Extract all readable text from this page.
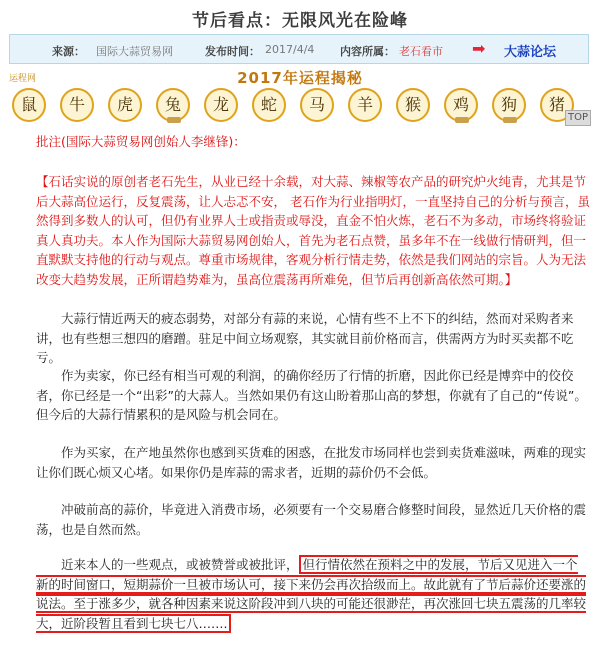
节后看点：无限风光在险峰
来源： 国际大蒜贸易网	发布时间： 2017/4/4 内容所属： 老石看市 ➡ 大蒜论坛
运程网	2017年运程揭秘
鼠	牛	虎	兔	龙	蛇	马	羊	猴	鸡	狗	猪
TOP

批注(国际大蒜贸易网创始人李继锋)：

【石话实说的原创者老石先生，从业已经十余载，对大蒜、辣椒等农产品的研究炉火纯青，尤其是节后大蒜高位运行，反复震荡，让人忐忑不安， 老石作为行业指明灯，一直坚持自己的分析与预言，虽然得到多数人的认可，但仍有业界人士或指责或辱没，直金不怕火炼，老石不为多动，市场终将验证真人真功夫。本人作为国际大蒜贸易网创始人，首先为老石点赞，虽多年不在一线做行情研判，但一直默默支持他的行动与观点。尊重市场规律，客观分析行情走势，依然是我们网站的宗旨。人为无法改变大趋势发展，正所谓趋势难为，虽高位震荡再所难免，但节后再创新高依然可期。】

大蒜行情近两天的疲态弱势，对部分有蒜的来说，心情有些不上不下的纠结，然而对采购者来讲，也有些想三想四的磨蹭。驻足中间立场观察，其实就目前价格而言，供需两方为时买卖都不吃亏。

作为卖家，你已经有相当可观的利润，的确你经历了行情的折磨，因此你已经是博弈中的佼佼者，你已经是一个“出彩”的大蒜人。当然如果仍有这山盼着那山高的梦想，你就有了自己的“传说”。但今后的大蒜行情累积的是风险与机会同在。

作为买家，在产地虽然你也感到买货难的困惑，在批发市场同样也尝到卖货难滋味，两难的现实让你们既心烦又心堵。如果你仍是库蒜的需求者，近期的蒜价仍不会低。

冲破前高的蒜价，毕竟进入消费市场，必须要有一个交易磨合修整时间段，显然近几天价格的震荡，也是自然而然。

近来本人的一些观点，或被赞誉或被批评， 但行情依然在预料之中的发展，节后又见进入一个新的时间窗口，短期蒜价一旦被市场认可，接下来仍会再次拾级而上。故此就有了节后蒜价还要涨的说法。至于涨多少，就各种因素来说这阶段冲到八块的可能还很渺茫，再次涨回七块五震荡的几率较大，近阶段暂且看到七块七八…….
